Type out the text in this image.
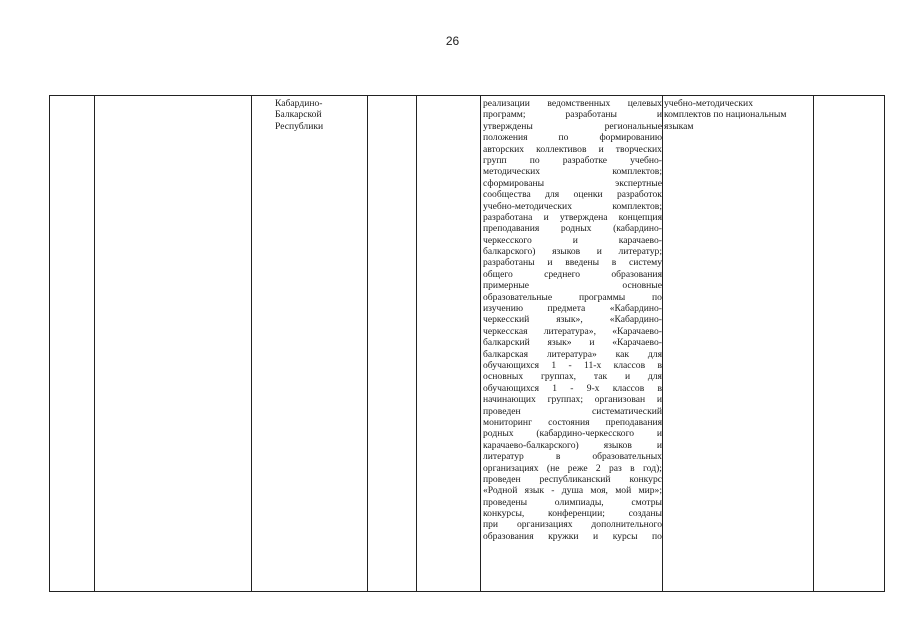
26
Кабардино-
Балкарской
Республики
реализации ведомственных целевых
программ;	разработаны	и
утверждены	региональные
положения	по	формированию
авторских коллективов и творческих
групп по разработке учебно-
методических	комплектов;
сформированы	экспертные
сообщества для оценки разработок
учебно-методических	комплектов;
разработана и утверждена концепция
преподавания родных (кабардино-
черкесского	и	карачаево-
балкарского) языков и литератур;
разработаны и введены в систему
общего	среднего	образования
примерные	основные
образовательные	программы	по
изучению	предмета	«Кабардино-
черкесский	язык»,	«Кабардино-
черкесская литература», «Карачаево-
балкарский язык» и «Карачаево-
балкарская литература» как для
обучающихся 1 - 11-х классов в
основных группах, так и для
обучающихся 1 - 9-х классов в
начинающих группах; организован и
проведен	систематический
мониторинг состояния преподавания
родных (кабардино-черкесского и
карачаево-балкарского)	языков	и
литератур	в	образовательных
организациях (не реже 2 раз в год);
проведен республиканский конкурс
«Родной язык - душа моя, мой мир»;
проведены	олимпиады,	смотры
конкурсы, конференции; созданы
при организациях дополнительного
образования кружки и курсы по
учебно-методических
комплектов по национальным
языкам
